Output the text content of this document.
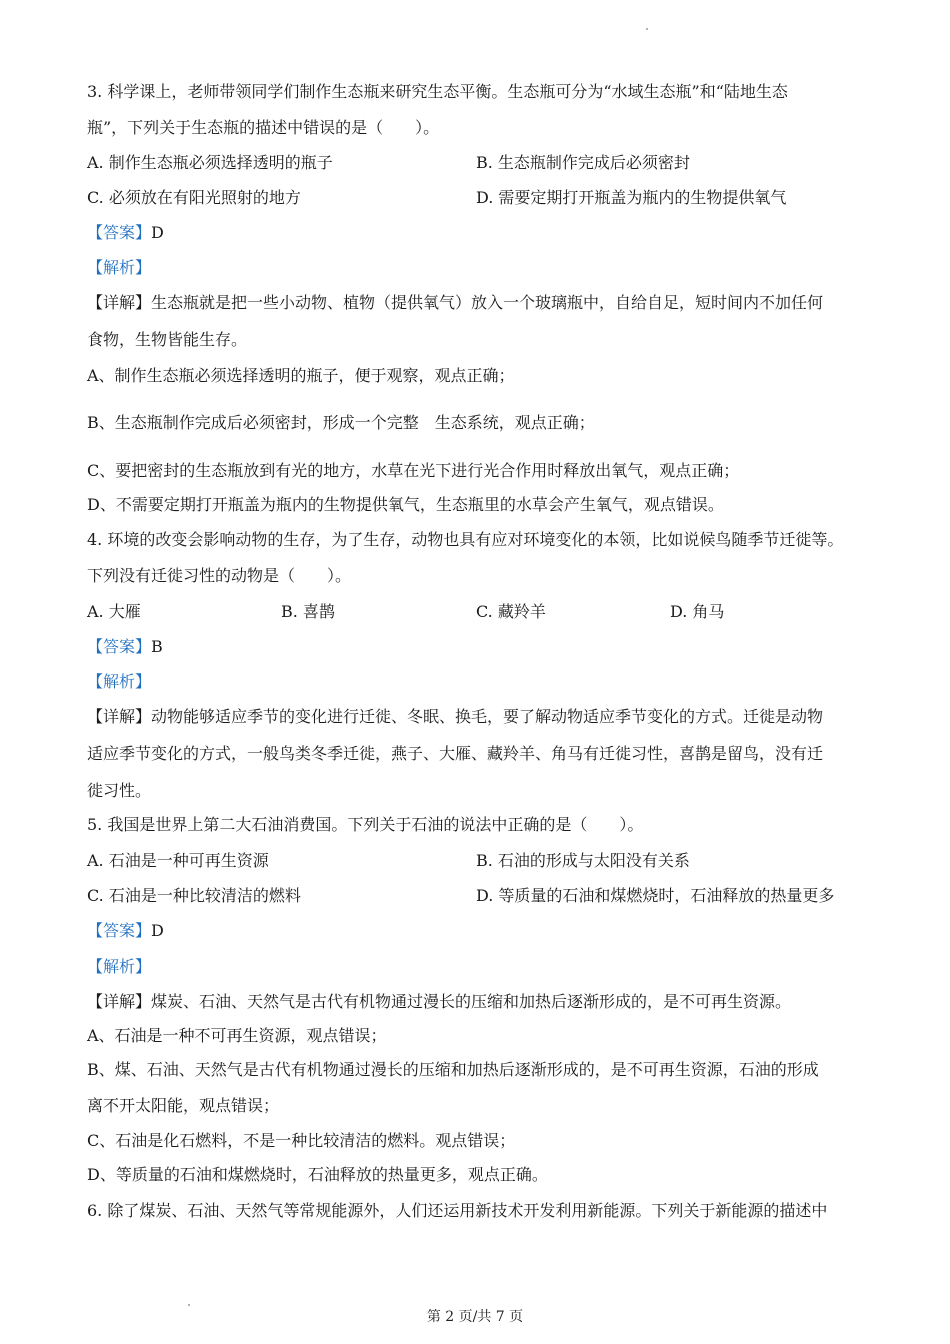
3. 科学课上，老师带领同学们制作生态瓶来研究生态平衡。生态瓶可分为“水域生态瓶”和“陆地生态
瓶”，下列关于生态瓶的描述中错误的是（　　）。
A. 制作生态瓶必须选择透明的瓶子	B. 生态瓶制作完成后必须密封
C. 必须放在有阳光照射的地方	D. 需要定期打开瓶盖为瓶内的生物提供氧气
【答案】D
【解析】
【详解】生态瓶就是把一些小动物、植物（提供氧气）放入一个玻璃瓶中，自给自足，短时间内不加任何
食物，生物皆能生存。
A、制作生态瓶必须选择透明的瓶子，便于观察，观点正确；
B、生态瓶制作完成后必须密封，形成一个完整　生态系统，观点正确；
C、要把密封的生态瓶放到有光的地方，水草在光下进行光合作用时释放出氧气，观点正确；
D、不需要定期打开瓶盖为瓶内的生物提供氧气，生态瓶里的水草会产生氧气，观点错误。
4. 环境的改变会影响动物的生存，为了生存，动物也具有应对环境变化的本领，比如说候鸟随季节迁徙等。
下列没有迁徙习性的动物是（　　）。
A. 大雁	B. 喜鹊	C. 藏羚羊	D. 角马
【答案】B
【解析】
【详解】动物能够适应季节的变化进行迁徙、冬眠、换毛，要了解动物适应季节变化的方式。迁徙是动物
适应季节变化的方式，一般鸟类冬季迁徙，燕子、大雁、藏羚羊、角马有迁徙习性，喜鹊是留鸟，没有迁
徙习性。
5. 我国是世界上第二大石油消费国。下列关于石油的说法中正确的是（　　）。
A. 石油是一种可再生资源	B. 石油的形成与太阳没有关系
C. 石油是一种比较清洁的燃料	D. 等质量的石油和煤燃烧时，石油释放的热量更多
【答案】D
【解析】
【详解】煤炭、石油、天然气是古代有机物通过漫长的压缩和加热后逐渐形成的，是不可再生资源。
A、石油是一种不可再生资源，观点错误；
B、煤、石油、天然气是古代有机物通过漫长的压缩和加热后逐渐形成的，是不可再生资源，石油的形成
离不开太阳能，观点错误；
C、石油是化石燃料，不是一种比较清洁的燃料。观点错误；
D、等质量的石油和煤燃烧时，石油释放的热量更多，观点正确。
6. 除了煤炭、石油、天然气等常规能源外，人们还运用新技术开发利用新能源。下列关于新能源的描述中
第 2 页/共 7 页
